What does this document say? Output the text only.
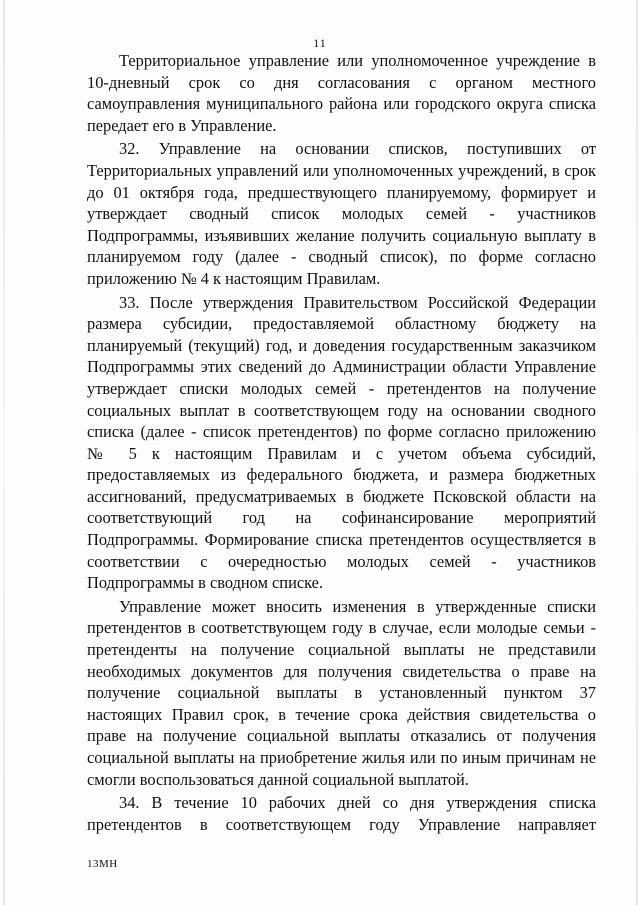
11

Территориальное управление или уполномоченное учреждение в 10-дневный срок со дня согласования с органом местного самоуправления муниципального района или городского округа списка передает его в Управление.

32. Управление на основании списков, поступивших от Территориальных управлений или уполномоченных учреждений, в срок до 01 октября года, предшествующего планируемому, формирует и утверждает сводный список молодых семей - участников Подпрограммы, изъявивших желание получить социальную выплату в планируемом году (далее - сводный список), по форме согласно приложению № 4 к настоящим Правилам.

33. После утверждения Правительством Российской Федерации размера субсидии, предоставляемой областному бюджету на планируемый (текущий) год, и доведения государственным заказчиком Подпрограммы этих сведений до Администрации области Управление утверждает списки молодых семей - претендентов на получение социальных выплат в соответствующем году на основании сводного списка (далее - список претендентов) по форме согласно приложению № 5 к настоящим Правилам и с учетом объема субсидий, предоставляемых из федерального бюджета, и размера бюджетных ассигнований, предусматриваемых в бюджете Псковской области на соответствующий год на софинансирование мероприятий Подпрограммы. Формирование списка претендентов осуществляется в соответствии с очередностью молодых семей - участников Подпрограммы в сводном списке.

Управление может вносить изменения в утвержденные списки претендентов в соответствующем году в случае, если молодые семьи - претенденты на получение социальной выплаты не представили необходимых документов для получения свидетельства о праве на получение социальной выплаты в установленный пунктом 37 настоящих Правил срок, в течение срока действия свидетельства о праве на получение социальной выплаты отказались от получения социальной выплаты на приобретение жилья или по иным причинам не смогли воспользоваться данной социальной выплатой.

34. В течение 10 рабочих дней со дня утверждения списка претендентов в соответствующем году Управление направляет

13МН
